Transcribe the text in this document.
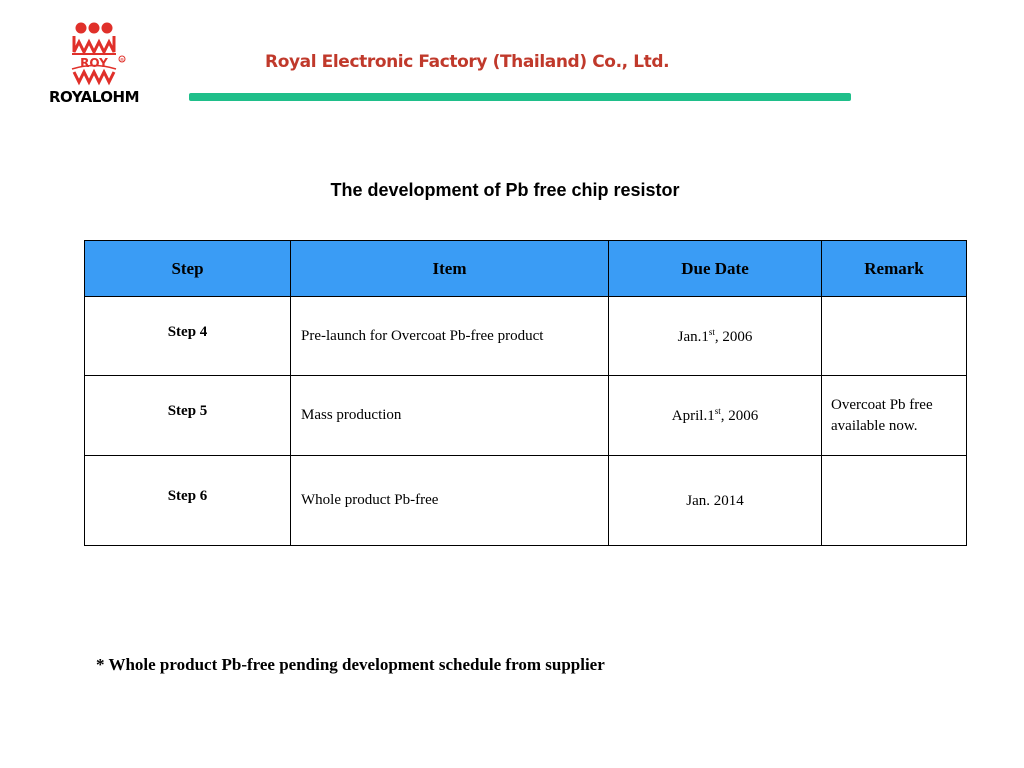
ROY ®
ROYALOHM
Royal Electronic Factory (Thailand) Co., Ltd.
The development of Pb free chip resistor
Step	Item	Due Date	Remark
Step 4	Pre-launch for Overcoat Pb-free product	Jan.1st, 2006	
Step 5	Mass production	April.1st, 2006	Overcoat Pb free available now.
Step 6	Whole product Pb-free	Jan. 2014	
* Whole product Pb-free pending development schedule from supplier
